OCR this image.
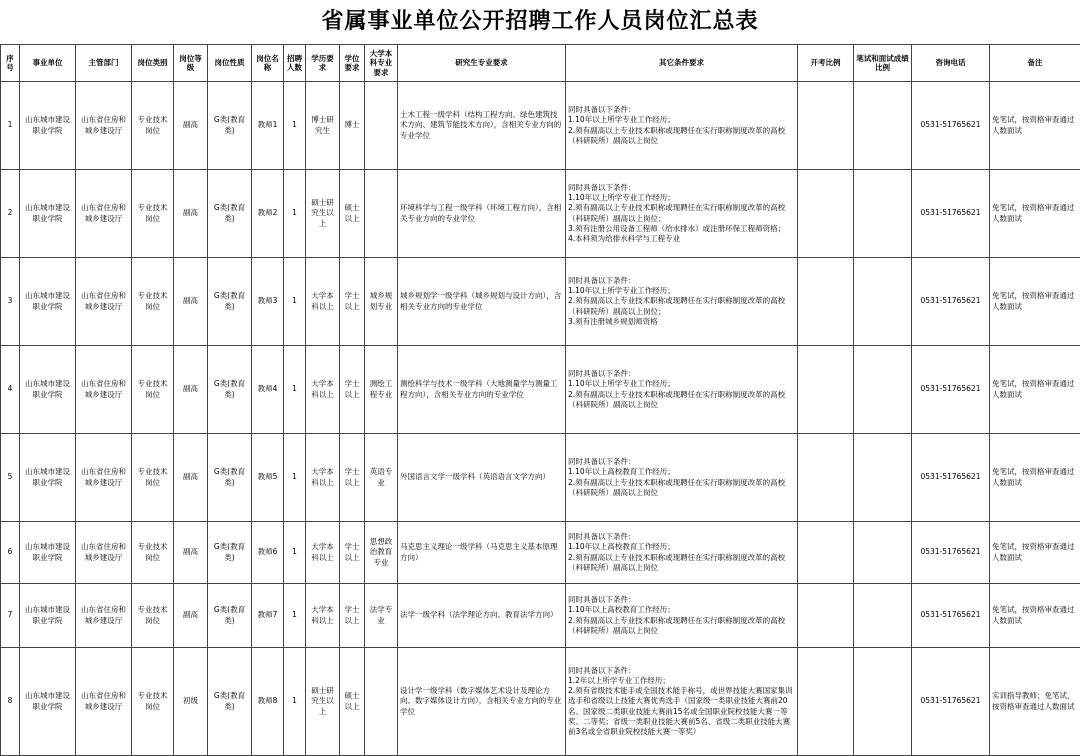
省属事业单位公开招聘工作人员岗位汇总表
序号	事业单位	主管部门	岗位类别	岗位等级	岗位性质	岗位名称	招聘人数	学历要求	学位要求	大学本科专业要求	研究生专业要求	其它条件要求	开考比例	笔试和面试成绩比例	咨询电话	备注
1	山东城市建设职业学院	山东省住房和城乡建设厅	专业技术岗位	副高	G类(教育类)	教师1	1	博士研究生	博士		土木工程一级学科（结构工程方向、绿色建筑技术方向、建筑节能技术方向），含相关专业方向的专业学位	同时具备以下条件：
1.10年以上所学专业工作经历；
2.须有副高以上专业技术职称或现聘任在实行职称制度改革的高校（科研院所）副高以上岗位			0531-51765621	免笔试，按资格审查通过人数面试
2	山东城市建设职业学院	山东省住房和城乡建设厅	专业技术岗位	副高	G类(教育类)	教师2	1	硕士研究生以上	硕士以上		环境科学与工程一级学科（环境工程方向），含相关专业方向的专业学位	同时具备以下条件：
1.10年以上所学专业工作经历；
2.须有副高以上专业技术职称或现聘任在实行职称制度改革的高校（科研院所）副高以上岗位；
3.须有注册公用设备工程师（给水排水）或注册环保工程师资格；
4.本科须为给排水科学与工程专业			0531-51765621	免笔试，按资格审查通过人数面试
3	山东城市建设职业学院	山东省住房和城乡建设厅	专业技术岗位	副高	G类(教育类)	教师3	1	大学本科以上	学士以上	城乡规划专业	城乡规划学一级学科（城乡规划与设计方向），含相关专业方向的专业学位	同时具备以下条件：
1.10年以上所学专业工作经历；
2.须有副高以上专业技术职称或现聘任在实行职称制度改革的高校（科研院所）副高以上岗位；
3.须有注册城乡规划师资格			0531-51765621	免笔试，按资格审查通过人数面试
4	山东城市建设职业学院	山东省住房和城乡建设厅	专业技术岗位	副高	G类(教育类)	教师4	1	大学本科以上	学士以上	测绘工程专业	测绘科学与技术一级学科（大地测量学与测量工程方向），含相关专业方向的专业学位	同时具备以下条件：
1.10年以上所学专业工作经历；
2.须有副高以上专业技术职称或现聘任在实行职称制度改革的高校（科研院所）副高以上岗位			0531-51765621	免笔试，按资格审查通过人数面试
5	山东城市建设职业学院	山东省住房和城乡建设厅	专业技术岗位	副高	G类(教育类)	教师5	1	大学本科以上	学士以上	英语专业	外国语言文学一级学科（英语语言文学方向）	同时具备以下条件：
1.10年以上高校教育工作经历；
2.须有副高以上专业技术职称或现聘任在实行职称制度改革的高校（科研院所）副高以上岗位			0531-51765621	免笔试，按资格审查通过人数面试
6	山东城市建设职业学院	山东省住房和城乡建设厅	专业技术岗位	副高	G类(教育类)	教师6	1	大学本科以上	学士以上	思想政治教育专业	马克思主义理论一级学科（马克思主义基本原理方向）	同时具备以下条件：
1.10年以上高校教育工作经历；
2.须有副高以上专业技术职称或现聘任在实行职称制度改革的高校（科研院所）副高以上岗位			0531-51765621	免笔试，按资格审查通过人数面试
7	山东城市建设职业学院	山东省住房和城乡建设厅	专业技术岗位	副高	G类(教育类)	教师7	1	大学本科以上	学士以上	法学专业	法学一级学科（法学理论方向、教育法学方向）	同时具备以下条件：
1.10年以上高校教育工作经历；
2.须有副高以上专业技术职称或现聘任在实行职称制度改革的高校（科研院所）副高以上岗位			0531-51765621	免笔试，按资格审查通过人数面试
8	山东城市建设职业学院	山东省住房和城乡建设厅	专业技术岗位	初级	G类(教育类)	教师8	1	硕士研究生以上	硕士以上		设计学一级学科（数字媒体艺术设计及理论方向、数字媒体设计方向），含相关专业方向的专业学位	同时具备以下条件：
1.2年以上所学专业工作经历；
2.须有省级技术能手或全国技术能手称号，或世界技能大赛国家集训选手和省级以上技能大赛优秀选手（国家级一类职业技能大赛前20名、国家级二类职业技能大赛前15名或全国职业院校技能大赛一等奖、二等奖；省级一类职业技能大赛前5名、省级二类职业技能大赛前3名或全省职业院校技能大赛一等奖）			0531-51765621	实训指导教师；免笔试，按资格审查通过人数面试
